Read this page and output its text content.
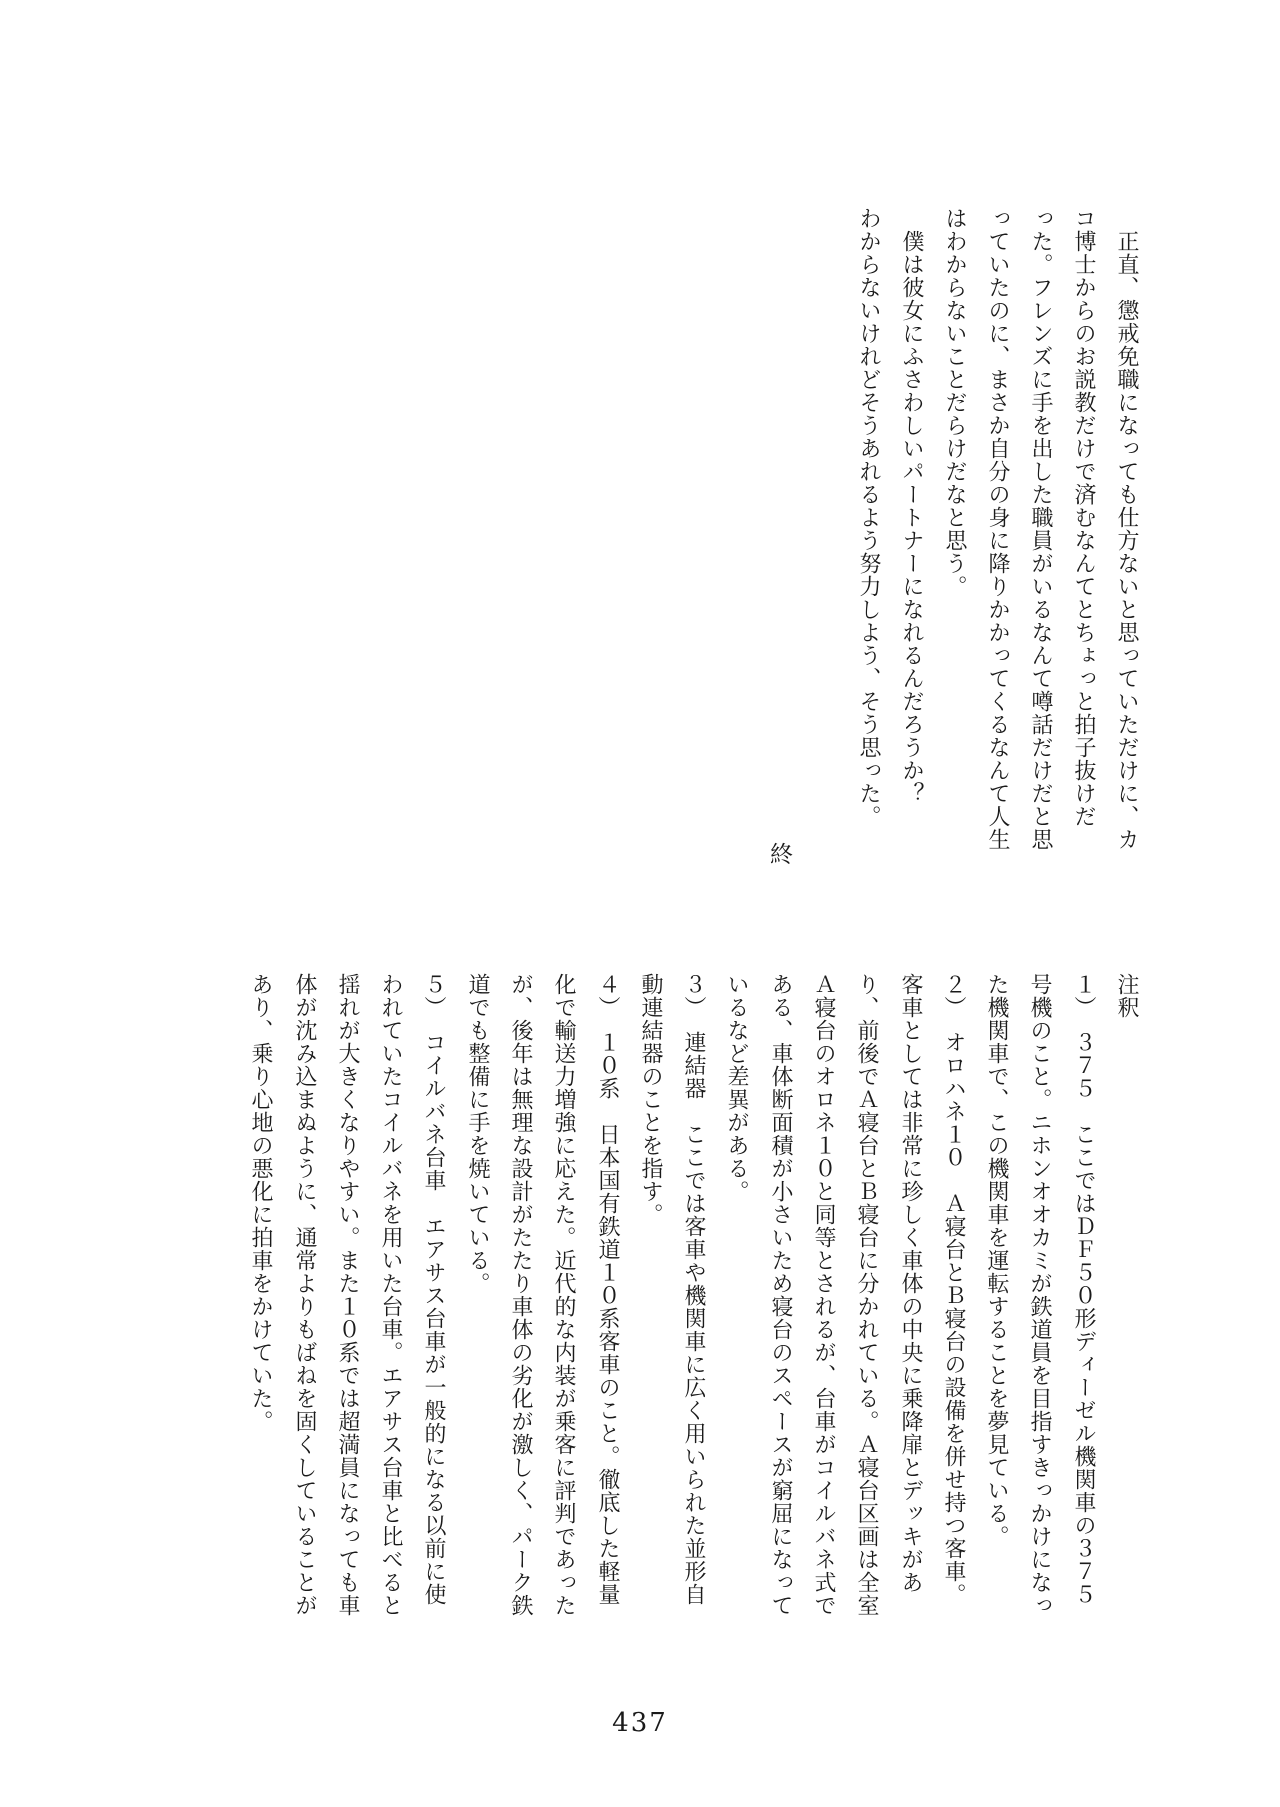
　正直、懲戒免職になっても仕方ないと思っていただけに、カ
コ博士からのお説教だけで済むなんてとちょっと拍子抜けだ
った。フレンズに手を出した職員がいるなんて噂話だけだと思
っていたのに、まさか自分の身に降りかかってくるなんて人生
はわからないことだらけだなと思う。
　僕は彼女にふさわしいパートナーになれるんだろうか？
わからないけれどそうあれるよう努力しよう、そう思った。
終
注釈
１）　３７５　ここではＤＦ５０形ディーゼル機関車の３７５
号機のこと。ニホンオオカミが鉄道員を目指すきっかけになっ
た機関車で、この機関車を運転することを夢見ている。
２）　オロハネ１０　Ａ寝台とＢ寝台の設備を併せ持つ客車。
客車としては非常に珍しく車体の中央に乗降扉とデッキがあ
り、前後でＡ寝台とＢ寝台に分かれている。Ａ寝台区画は全室
Ａ寝台のオロネ１０と同等とされるが、台車がコイルバネ式で
ある、車体断面積が小さいため寝台のスペースが窮屈になって
いるなど差異がある。
３）　連結器　ここでは客車や機関車に広く用いられた並形自
動連結器のことを指す。
４）　１０系　日本国有鉄道１０系客車のこと。徹底した軽量
化で輸送力増強に応えた。近代的な内装が乗客に評判であった
が、後年は無理な設計がたたり車体の劣化が激しく、パーク鉄
道でも整備に手を焼いている。
５）　コイルバネ台車　エアサス台車が一般的になる以前に使
われていたコイルバネを用いた台車。エアサス台車と比べると
揺れが大きくなりやすい。また１０系では超満員になっても車
体が沈み込まぬように、通常よりもばねを固くしていることが
あり、乗り心地の悪化に拍車をかけていた。
437
